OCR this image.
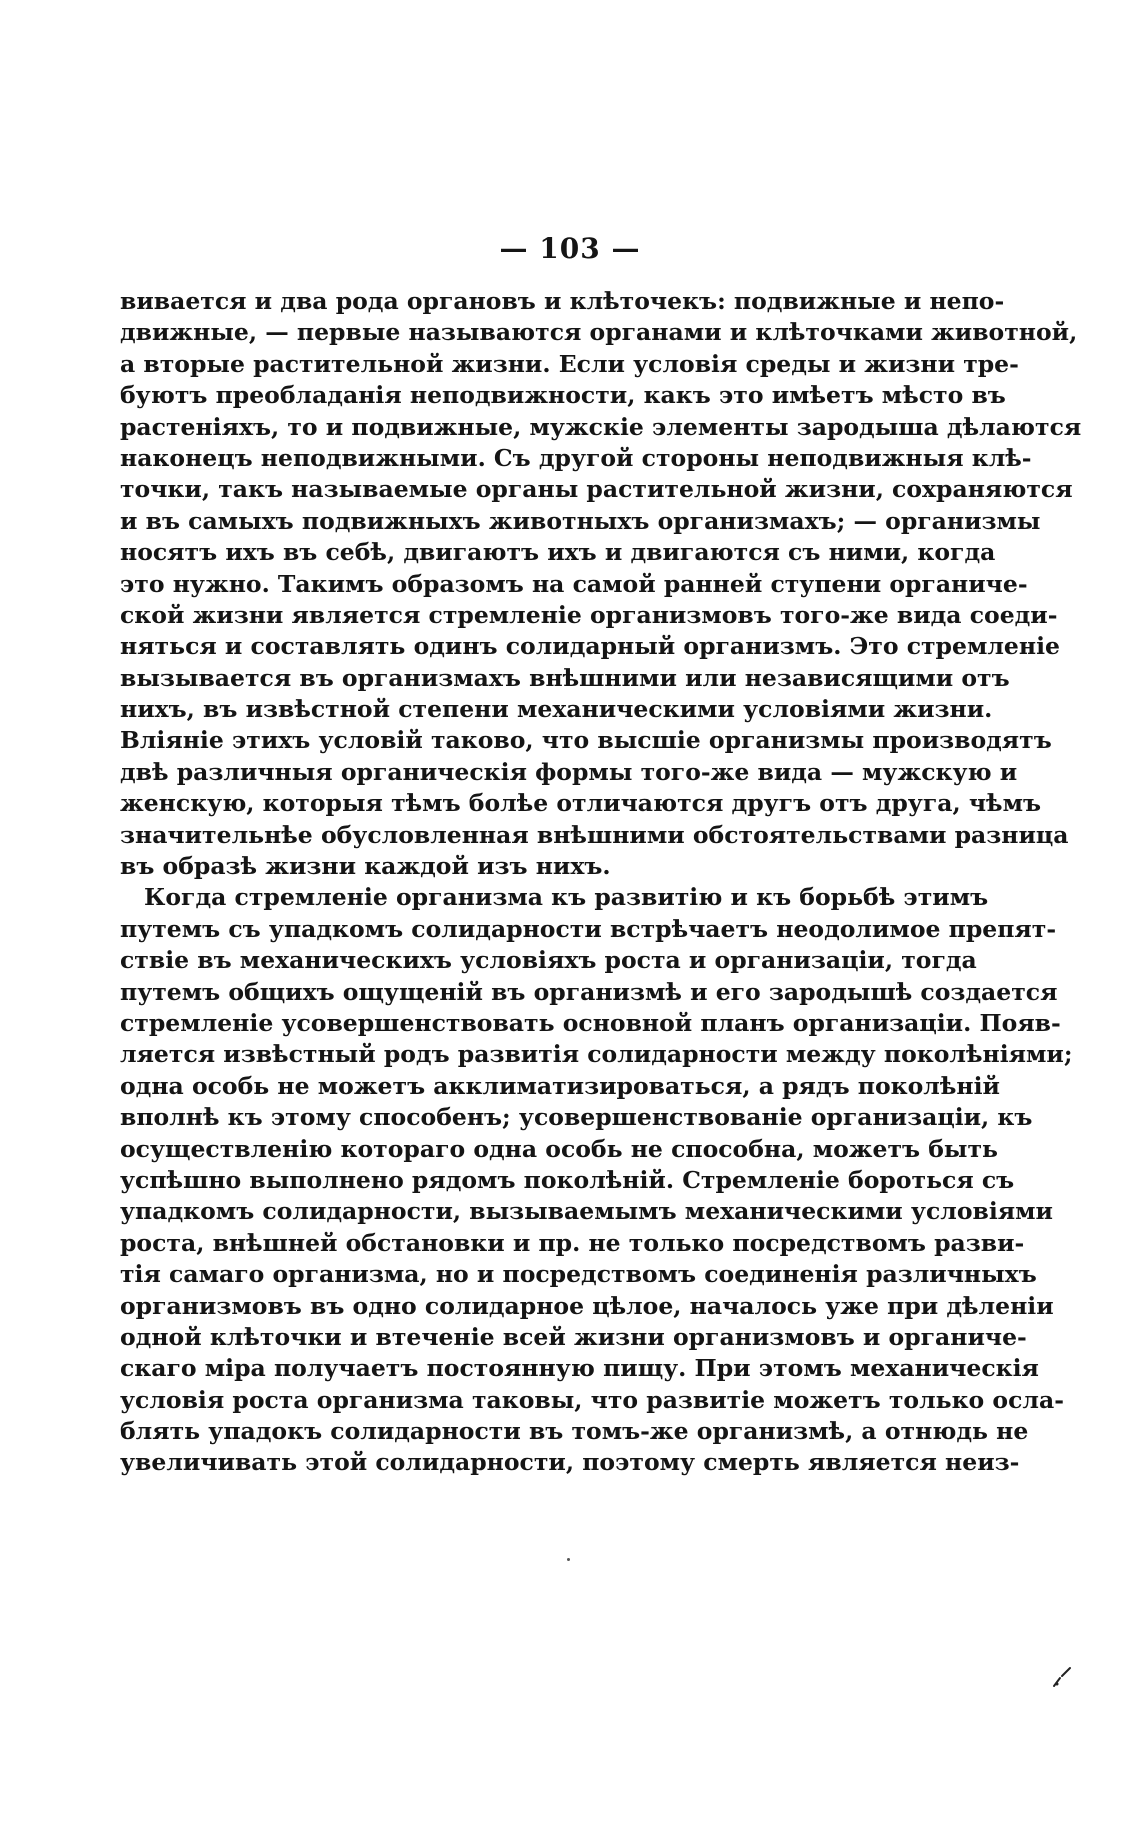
— 103 —
вивается и два рода органовъ и клѣточекъ: подвижные и непо-
движные, — первые называются органами и клѣточками животной,
а вторые растительной жизни. Если условія среды и жизни тре-
буютъ преобладанія неподвижности, какъ это имѣетъ мѣсто въ
растеніяхъ, то и подвижные, мужскіе элементы зародыша дѣлаются
наконецъ неподвижными. Съ другой стороны неподвижныя клѣ-
точки, такъ называемые органы растительной жизни, сохраняются
и въ самыхъ подвижныхъ животныхъ организмахъ; — организмы
носятъ ихъ въ себѣ, двигаютъ ихъ и двигаются съ ними, когда
это нужно. Такимъ образомъ на самой ранней ступени органиче-
ской жизни является стремленіе организмовъ того-же вида соеди-
няться и составлять одинъ солидарный организмъ. Это стремленіе
вызывается въ организмахъ внѣшними или независящими отъ
нихъ, въ извѣстной степени механическими условіями жизни.
Вліяніе этихъ условій таково, что высшіе организмы производятъ
двѣ различныя органическія формы того-же вида — мужскую и
женскую, которыя тѣмъ болѣе отличаются другъ отъ друга, чѣмъ
значительнѣе обусловленная внѣшними обстоятельствами разница
въ образѣ жизни каждой изъ нихъ.
Когда стремленіе организма къ развитію и къ борьбѣ этимъ
путемъ съ упадкомъ солидарности встрѣчаетъ неодолимое препят-
ствіе въ механическихъ условіяхъ роста и организаціи, тогда
путемъ общихъ ощущеній въ организмѣ и его зародышѣ создается
стремленіе усовершенствовать основной планъ организаціи. Появ-
ляется извѣстный родъ развитія солидарности между поколѣніями;
одна особь не можетъ акклиматизироваться, а рядъ поколѣній
вполнѣ къ этому способенъ; усовершенствованіе организаціи, къ
осуществленію котораго одна особь не способна, можетъ быть
успѣшно выполнено рядомъ поколѣній. Стремленіе бороться съ
упадкомъ солидарности, вызываемымъ механическими условіями
роста, внѣшней обстановки и пр. не только посредствомъ разви-
тія самаго организма, но и посредствомъ соединенія различныхъ
организмовъ въ одно солидарное цѣлое, началось уже при дѣленіи
одной клѣточки и втеченіе всей жизни организмовъ и органиче-
скаго міра получаетъ постоянную пищу. При этомъ механическія
условія роста организма таковы, что развитіе можетъ только осла-
блять упадокъ солидарности въ томъ-же организмѣ, а отнюдь не
увеличивать этой солидарности, поэтому смерть является неиз-
